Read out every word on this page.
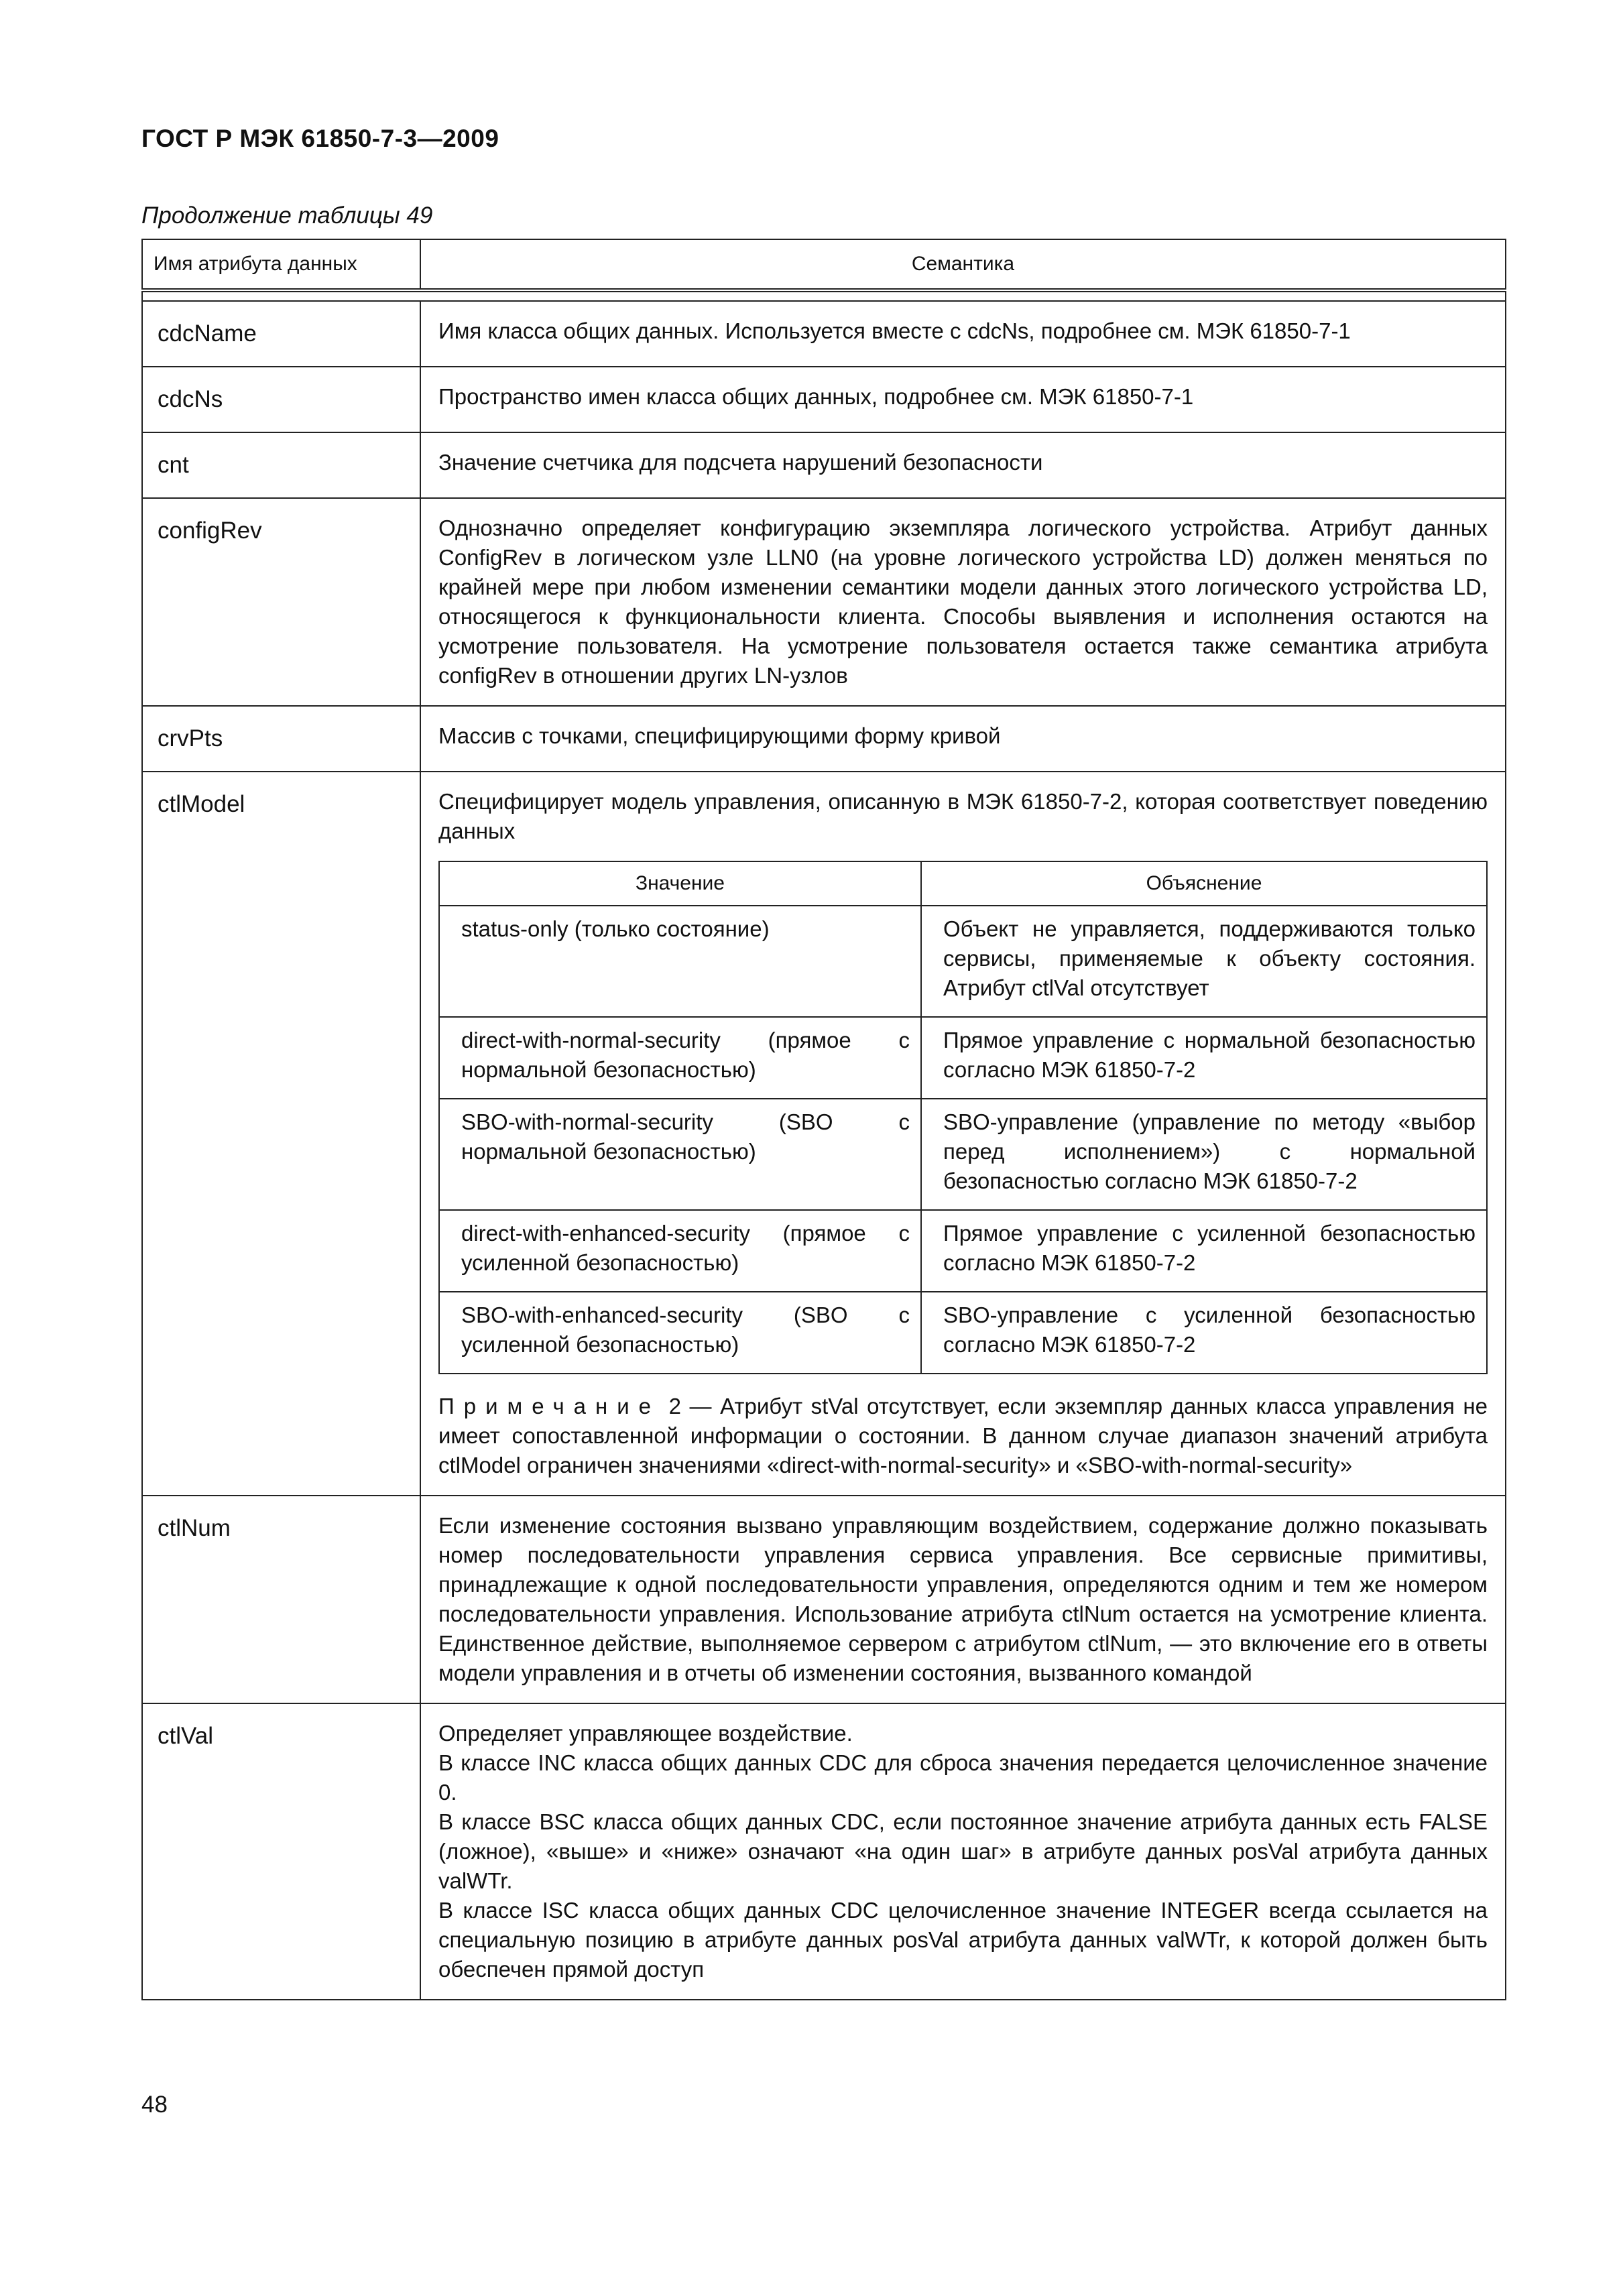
ГОСТ Р МЭК 61850-7-3—2009
Продолжение таблицы 49
Имя атрибута данных	Семантика

cdcName	Имя класса общих данных. Используется вместе с cdcNs, подробнее см. МЭК 61850-7-1
cdcNs	Пространство имен класса общих данных, подробнее см. МЭК 61850-7-1
cnt	Значение счетчика для подсчета нарушений безопасности
configRev	Однозначно определяет конфигурацию экземпляра логического устройства. Атрибут данных ConfigRev в логическом узле LLN0 (на уровне логического устройства LD) должен меняться по крайней мере при любом изменении семантики модели данных этого логического устройства LD, относящегося к функциональности клиента. Способы выявления и исполнения остаются на усмотрение пользователя. На усмотрение пользователя остается также семантика атрибута configRev в отношении других LN-узлов
crvPts	Массив с точками, специфицирующими форму кривой
ctlModel	Специфицирует модель управления, описанную в МЭК 61850-7-2, которая соответствует поведению данных
Значение	Объяснение
status-only (только состояние)	Объект не управляется, поддерживаются только сервисы, применяемые к объекту состояния. Атрибут ctlVal отсутствует
direct-with-normal-security (прямое с нормальной безопасностью)	Прямое управление с нормальной безопасностью согласно МЭК 61850-7-2
SBO-with-normal-security (SBO с нормальной безопасностью)	SBO-управление (управление по методу «выбор перед исполнением») с нормальной безопасностью согласно МЭК 61850-7-2
direct-with-enhanced-security (прямое с усиленной безопасностью)	Прямое управление с усиленной безопасностью согласно МЭК 61850-7-2
SBO-with-enhanced-security (SBO с усиленной безопасностью)	SBO-управление с усиленной безопасностью согласно МЭК 61850-7-2
Примечание 2 — Атрибут stVal отсутствует, если экземпляр данных класса управления не имеет сопоставленной информации о состоянии. В данном случае диапазон значений атрибута ctlModel ограничен значениями «direct-with-normal-security» и «SBO-with-normal-security»

ctlNum	Если изменение состояния вызвано управляющим воздействием, содержание должно показывать номер последовательности управления сервиса управления. Все сервисные примитивы, принадлежащие к одной последовательности управления, определяются одним и тем же номером последовательности управления. Использование атрибута ctlNum остается на усмотрение клиента. Единственное действие, выполняемое сервером с атрибутом ctlNum, — это включение его в ответы модели управления и в отчеты об изменении состояния, вызванного командой
ctlVal	Определяет управляющее воздействие.

В классе INC класса общих данных CDC для сброса значения передается целочисленное значение 0.

В классе BSC класса общих данных CDC, если постоянное значение атрибута данных есть FALSE (ложное), «выше» и «ниже» означают «на один шаг» в атрибуте данных posVal атрибута данных valWTr.

В классе ISC класса общих данных CDC целочисленное значение INTEGER всегда ссылается на специальную позицию в атрибуте данных posVal атрибута данных valWTr, к которой должен быть обеспечен прямой доступ

48
